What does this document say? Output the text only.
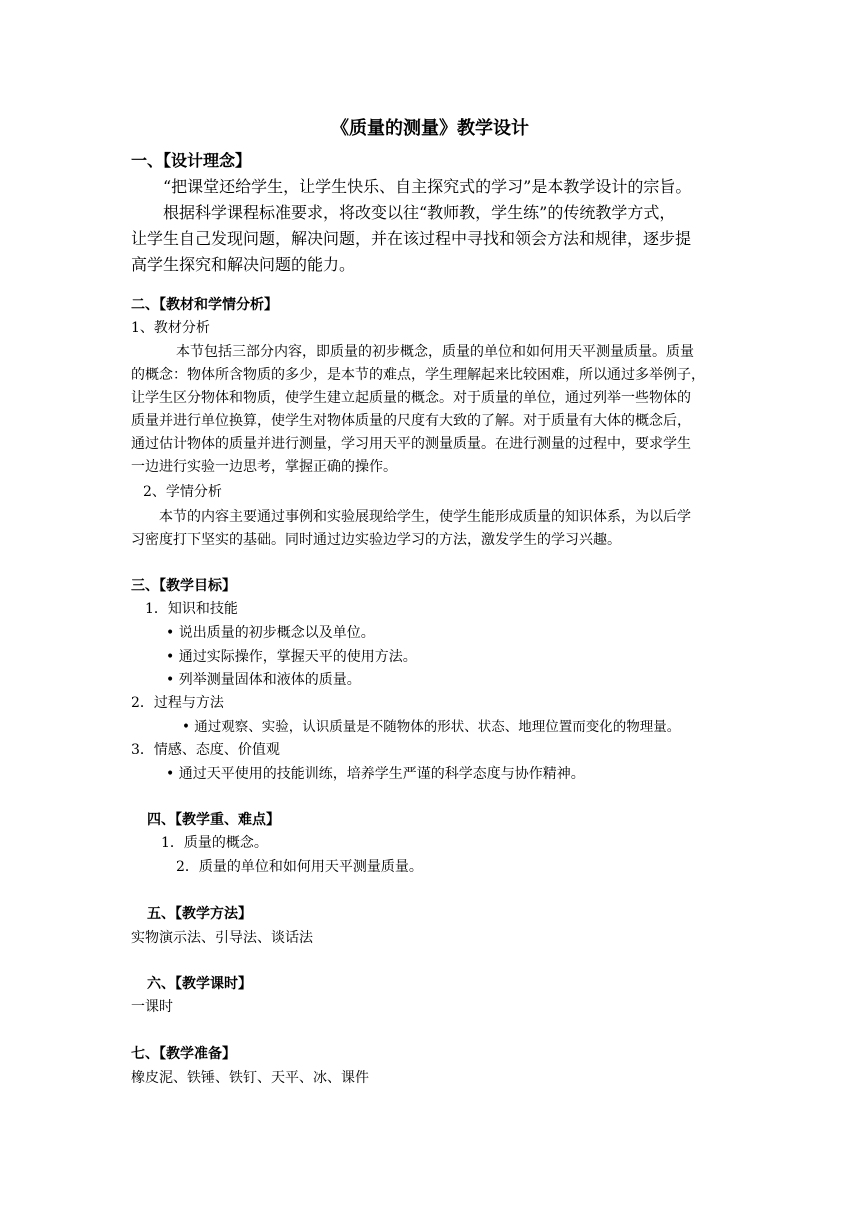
《质量的测量》教学设计
一、【设计理念】
“把课堂还给学生，让学生快乐、自主探究式的学习”是本教学设计的宗旨。
根据科学课程标准要求，将改变以往“教师教，学生练”的传统教学方式，
让学生自己发现问题，解决问题，并在该过程中寻找和领会方法和规律，逐步提
高学生探究和解决问题的能力。
二、【教材和学情分析】
1、教材分析
本节包括三部分内容，即质量的初步概念，质量的单位和如何用天平测量质量。质量
的概念：物体所含物质的多少，是本节的难点，学生理解起来比较困难，所以通过多举例子，
让学生区分物体和物质，使学生建立起质量的概念。对于质量的单位，通过列举一些物体的
质量并进行单位换算，使学生对物体质量的尺度有大致的了解。对于质量有大体的概念后，
通过估计物体的质量并进行测量，学习用天平的测量质量。在进行测量的过程中，要求学生
一边进行实验一边思考，掌握正确的操作。
2、学情分析
本节的内容主要通过事例和实验展现给学生，使学生能形成质量的知识体系，为以后学
习密度打下坚实的基础。同时通过边实验边学习的方法，激发学生的学习兴趣。
三、【教学目标】
1．知识和技能
• 说出质量的初步概念以及单位。
• 通过实际操作，掌握天平的使用方法。
• 列举测量固体和液体的质量。
2．过程与方法
• 通过观察、实验，认识质量是不随物体的形状、状态、地理位置而变化的物理量。
3．情感、态度、价值观
• 通过天平使用的技能训练，培养学生严谨的科学态度与协作精神。
四、【教学重、难点】
1．质量的概念。
2．质量的单位和如何用天平测量质量。
五、【教学方法】
实物演示法、引导法、谈话法
六、【教学课时】
一课时
七、【教学准备】
橡皮泥、铁锤、铁钉、天平、冰、课件
